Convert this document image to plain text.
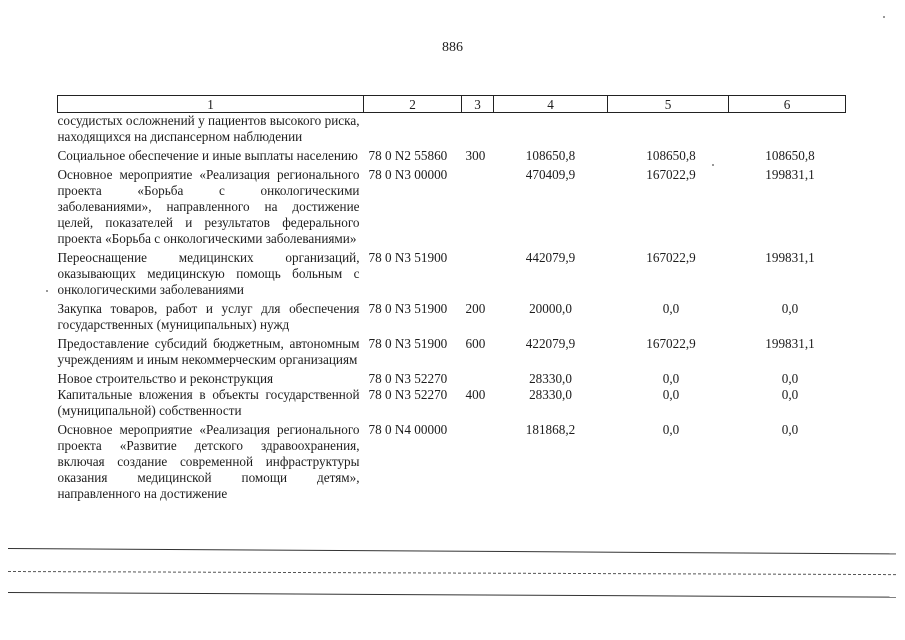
886
1	2	3	4	5	6
сосудистых осложнений у пациентов высокого риска, находящихся на диспансерном наблюдении					
Социальное обеспечение и иные выплаты населению	78 0 N2 55860	300	108650,8	108650,8	108650,8
Основное мероприятие «Реализация регионального проекта «Борьба с онкологическими заболеваниями», направленного на достижение целей, показателей и результатов федерального проекта «Борьба с онкологическими заболеваниями»	78 0 N3 00000		470409,9	167022,9	199831,1
Переоснащение медицинских организаций, оказывающих медицинскую помощь больным с онкологическими заболеваниями	78 0 N3 51900		442079,9	167022,9	199831,1
Закупка товаров, работ и услуг для обеспечения государственных (муниципальных) нужд	78 0 N3 51900	200	20000,0	0,0	0,0
Предоставление субсидий бюджетным, автономным учреждениям и иным некоммерческим организациям	78 0 N3 51900	600	422079,9	167022,9	199831,1
Новое строительство и реконструкция	78 0 N3 52270		28330,0	0,0	0,0
Капитальные вложения в объекты государственной (муниципальной) собственности	78 0 N3 52270	400	28330,0	0,0	0,0
Основное мероприятие «Реализация регионального проекта «Развитие детского здравоохранения, включая создание современной инфраструктуры оказания медицинской помощи детям», направленного на достижение	78 0 N4 00000		181868,2	0,0	0,0
